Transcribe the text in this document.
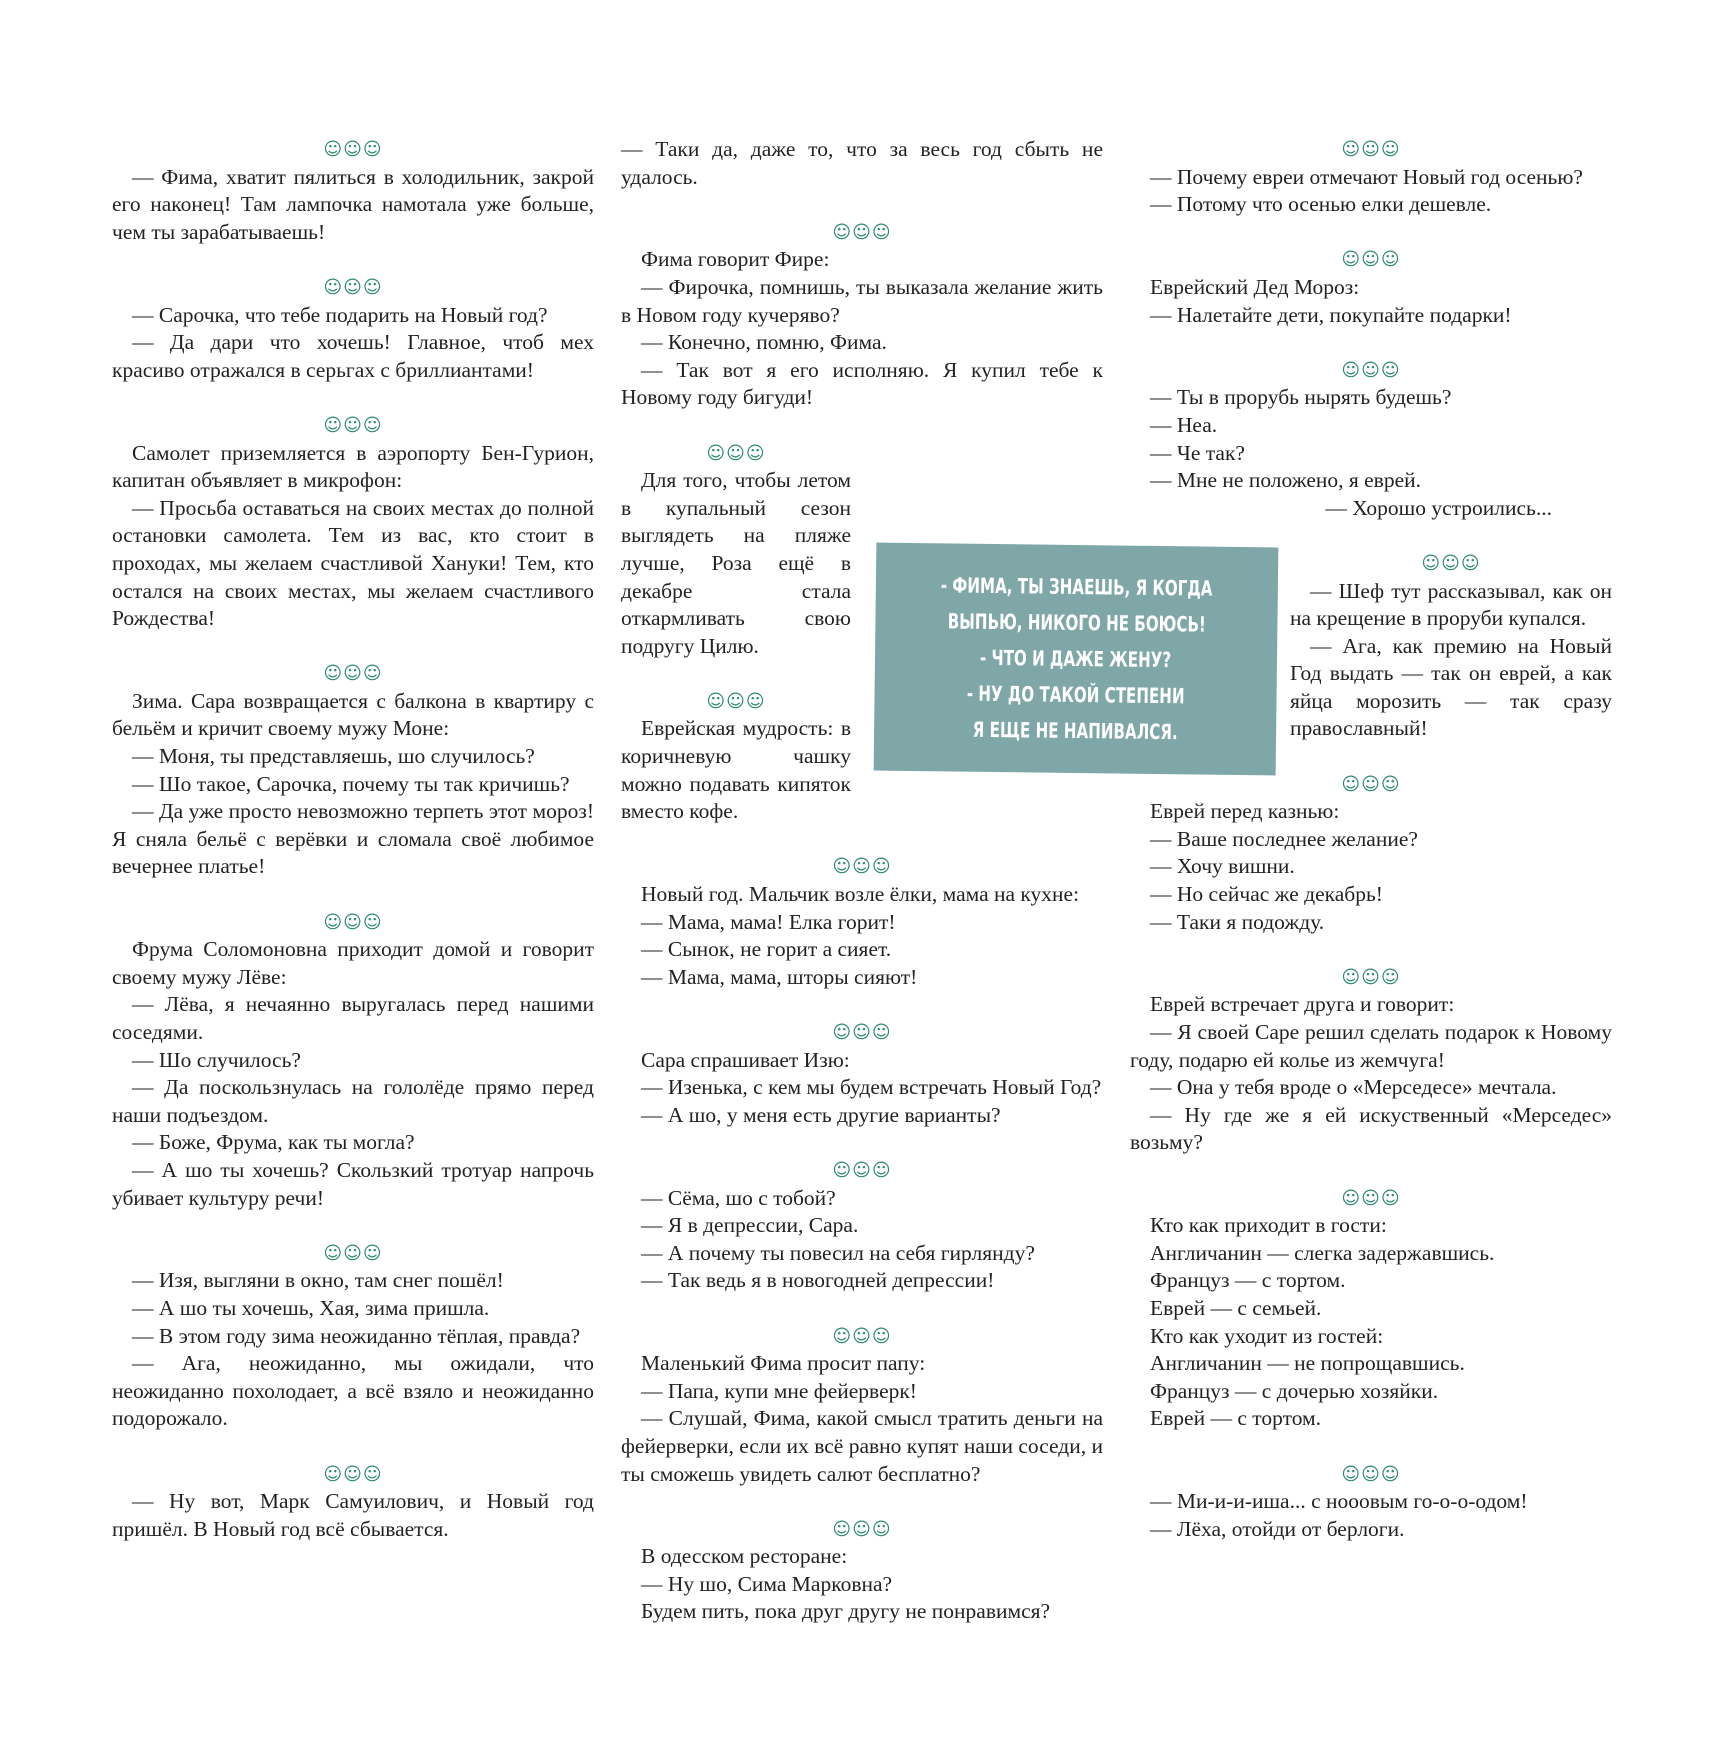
☺☺☺

— Фима, хватит пялиться в холодильник, закрой его наконец! Там лампочка намотала уже больше, чем ты зарабатываешь!

☺☺☺

— Сарочка, что тебе подарить на Новый год?

— Да дари что хочешь! Главное, чтоб мех красиво отражался в серьгах с бриллиантами!

☺☺☺

Самолет приземляется в аэропорту Бен-Гурион, капитан объявляет в микрофон:

— Просьба оставаться на своих местах до полной остановки самолета. Тем из вас, кто стоит в проходах, мы желаем счастливой Хануки! Тем, кто остался на своих местах, мы желаем счастливого Рождества!

☺☺☺

Зима. Сара возвращается с балкона в квартиру с бельём и кричит своему мужу Моне:

— Моня, ты представляешь, шо случилось?

— Шо такое, Сарочка, почему ты так кричишь?

— Да уже просто невозможно терпеть этот мороз! Я сняла бельё с верёвки и сломала своё любимое вечернее платье!

☺☺☺

Фрума Соломоновна приходит домой и говорит своему мужу Лёве:

— Лёва, я нечаянно выругалась перед нашими соседями.

— Шо случилось?

— Да поскользнулась на гололёде прямо перед наши подъездом.

— Боже, Фрума, как ты могла?

— А шо ты хочешь? Скользкий тротуар напрочь убивает культуру речи!

☺☺☺

— Изя, выгляни в окно, там снег пошёл!

— А шо ты хочешь, Хая, зима пришла.

— В этом году зима неожиданно тёплая, правда?

— Ага, неожиданно, мы ожидали, что неожиданно похолодает, а всё взяло и неожиданно подорожало.

☺☺☺

— Ну вот, Марк Самуилович, и Новый год пришёл. В Новый год всё сбывается.

— Таки да, даже то, что за весь год сбыть не удалось.

☺☺☺

Фима говорит Фире:

— Фирочка, помнишь, ты выказала желание жить в Новом году кучеряво?

— Конечно, помню, Фима.

— Так вот я его исполняю. Я купил тебе к Новому году бигуди!

☺☺☺

Для того, чтобы летом в купальный сезон выглядеть на пляже лучше, Роза ещё в декабре стала откармливать свою подругу Цилю.

☺☺☺

Еврейская мудрость: в коричневую чашку можно подавать кипяток вместо кофе.

☺☺☺

Новый год. Мальчик возле ёлки, мама на кухне:

— Мама, мама! Елка горит!

— Сынок, не горит а сияет.

— Мама, мама, шторы сияют!

☺☺☺

Сара спрашивает Изю:

— Изенька, с кем мы будем встречать Новый Год?

— А шо, у меня есть другие варианты?

☺☺☺

— Сёма, шо с тобой?

— Я в депрессии, Сара.

— А почему ты повесил на себя гирлянду?

— Так ведь я в новогодней депрессии!

☺☺☺

Маленький Фима просит папу:

— Папа, купи мне фейерверк!

— Слушай, Фима, какой смысл тратить деньги на фейерверки, если их всё равно купят наши соседи, и ты сможешь увидеть салют бесплатно?

☺☺☺

В одесском ресторане:

— Ну шо, Сима Марковна?

Будем пить, пока друг другу не понравимся?

☺☺☺

— Почему евреи отмечают Новый год осенью?

— Потому что осенью елки дешевле.

☺☺☺

Еврейский Дед Мороз:

— Налетайте дети, покупайте подарки!

☺☺☺

— Ты в прорубь нырять будешь?

— Неа.

— Че так?

— Мне не положено, я еврей.

— Хорошо устроились...

☺☺☺

— Шеф тут рассказывал, как он на крещение в проруби купался.

— Ага, как премию на Новый Год выдать — так он еврей, а как яйца морозить — так сразу православный!

☺☺☺

Еврей перед казнью:

— Ваше последнее желание?

— Хочу вишни.

— Но сейчас же декабрь!

— Таки я подожду.

☺☺☺

Еврей встречает друга и говорит:

— Я своей Саре решил сделать подарок к Новому году, подарю ей колье из жемчуга!

— Она у тебя вроде о «Мерседесе» мечтала.

— Ну где же я ей искуственный «Мерседес» возьму?

☺☺☺

Кто как приходит в гости:

Англичанин — слегка задержавшись.

Француз — с тортом.

Еврей — с семьей.

Кто как уходит из гостей:

Англичанин — не попрощавшись.

Француз — с дочерью хозяйки.

Еврей — с тортом.

☺☺☺

— Ми-и-и-иша... с нооовым го-о-о-одом!

— Лёха, отойди от берлоги.

- ФИМА, ТЫ ЗНАЕШЬ, Я КОГДА
ВЫПЬЮ, НИКОГО НЕ БОЮСЬ!
- ЧТО И ДАЖЕ ЖЕНУ?
- НУ ДО ТАКОЙ СТЕПЕНИ
Я ЕЩЕ НЕ НАПИВАЛСЯ.
